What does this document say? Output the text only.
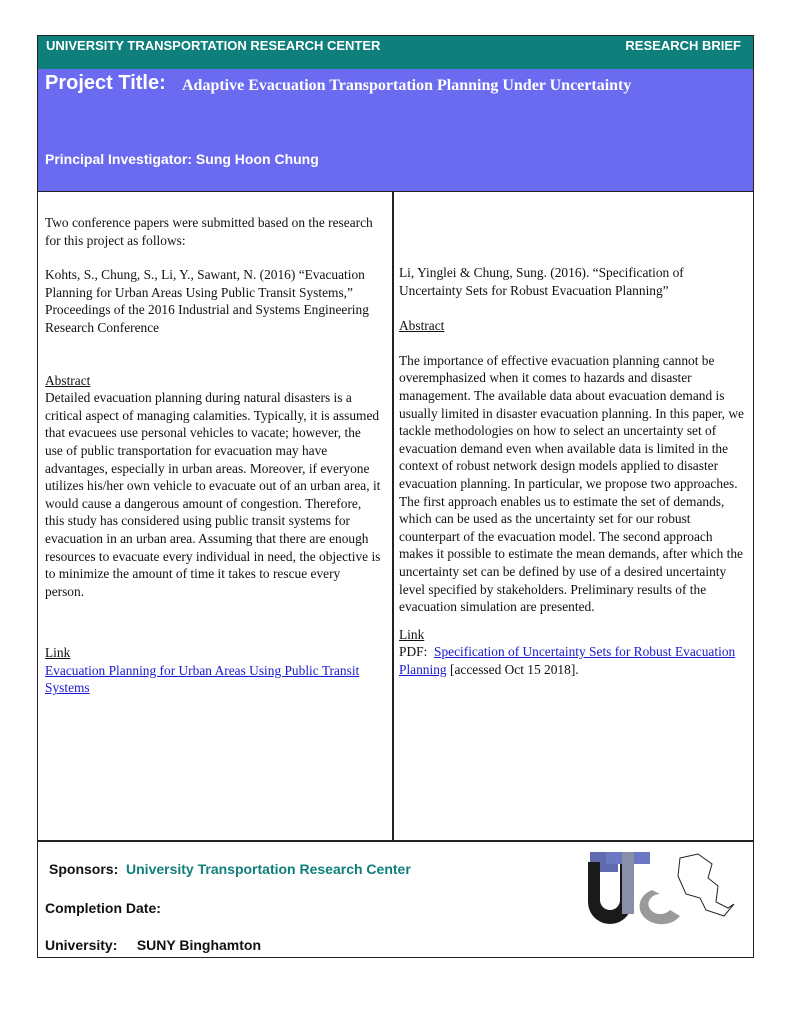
UNIVERSITY TRANSPORTATION RESEARCH CENTER	RESEARCH BRIEF
Project Title: Adaptive Evacuation Transportation Planning Under Uncertainty
Principal Investigator: Sung Hoon Chung
Two conference papers were submitted based on the research for this project as follows:
Kohts, S., Chung, S., Li, Y., Sawant, N. (2016) “Evacuation Planning for Urban Areas Using Public Transit Systems,” Proceedings of the 2016 Industrial and Systems Engineering Research Conference
Abstract
Detailed evacuation planning during natural disasters is a critical aspect of managing calamities. Typically, it is assumed that evacuees use personal vehicles to vacate; however, the use of public transportation for evacuation may have advantages, especially in urban areas. Moreover, if everyone utilizes his/her own vehicle to evacuate out of an urban area, it would cause a dangerous amount of congestion. Therefore, this study has considered using public transit systems for evacuation in an urban area. Assuming that there are enough resources to evacuate every individual in need, the objective is to minimize the amount of time it takes to rescue every person.
Link
Evacuation Planning for Urban Areas Using Public Transit Systems
Li, Yinglei & Chung, Sung. (2016). “Specification of Uncertainty Sets for Robust Evacuation Planning”
Abstract
The importance of effective evacuation planning cannot be overemphasized when it comes to hazards and disaster management. The available data about evacuation demand is usually limited in disaster evacuation planning. In this paper, we tackle methodologies on how to select an uncertainty set of evacuation demand even when available data is limited in the context of robust network design models applied to disaster evacuation planning. In particular, we propose two approaches. The first approach enables us to estimate the set of demands, which can be used as the uncertainty set for our robust counterpart of the evacuation model. The second approach makes it possible to estimate the mean demands, after which the uncertainty set can be defined by use of a desired uncertainty level specified by stakeholders. Preliminary results of the evacuation simulation are presented.
Link
PDF: Specification of Uncertainty Sets for Robust Evacuation Planning [accessed Oct 15 2018].
Sponsors: University Transportation Research Center
Completion Date:
University: SUNY Binghamton
